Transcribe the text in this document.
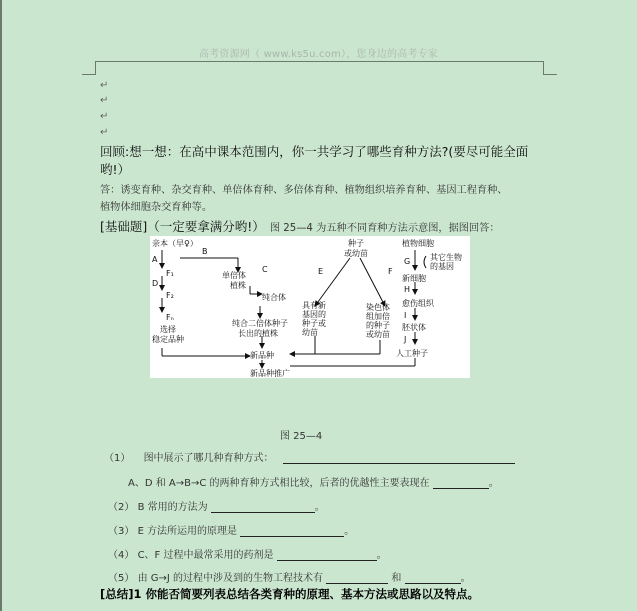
高考资源网（ www.ks5u.com），您身边的高考专家
↵
↵
↵
↵
回顾:想一想：在高中课本范围内，你一共学习了哪些育种方法?(要尽可能全面
哟!）
答：诱变育种、杂交育种、单倍体育种、多倍体育种、植物组织培养育种、基因工程育种、
植物体细胞杂交育种等。
[基础题]（一定要拿满分哟!） 图 25—4 为五种不同育种方法示意图，据图回答：
亲本（早♀）
A
F₁
D
F₂
Fₙ
选择
稳定品种
B
单倍体
植株
C
纯合体
纯合二倍体种子
长出的植株
种子
或幼苗
E	F
具有新
基因的
种子或
幼苗
染色体
组加倍
的种子
或幼苗
植物细胞
G 其它生物
的基因
新细胞
H
愈伤组织
I
胚状体
J
人工种子
新品种
新品种推广
图 25—4
（1） 图中展示了哪几种育种方式：
A、D 和 A→B→C 的两种育种方式相比较，后者的优越性主要表现在	。
（2） B 常用的方法为	。
（3） E 方法所运用的原理是	。
（4） C、F 过程中最常采用的药剂是	。
（5） 由 G→J 的过程中涉及到的生物工程技术有	和	。
[总结]1 你能否简要列表总结各类育种的原理、基本方法或思路以及特点。
